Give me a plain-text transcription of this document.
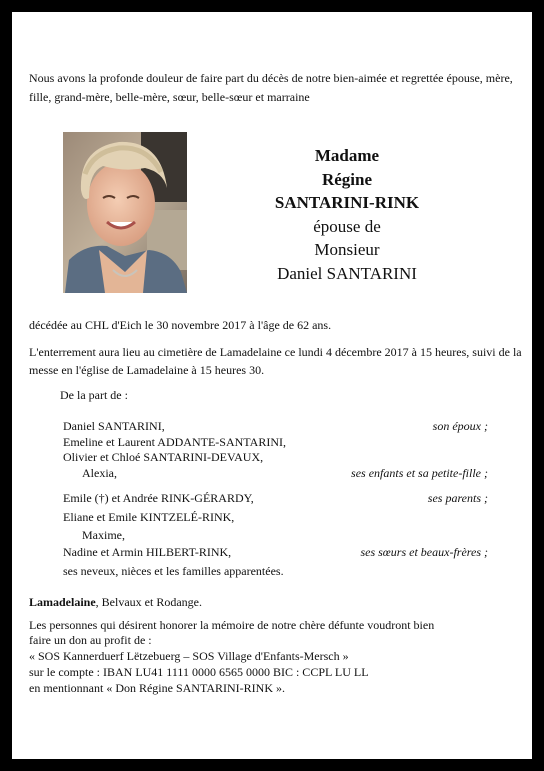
Nous avons la profonde douleur de faire part du décès de notre bien-aimée et regrettée épouse, mère, fille, grand-mère, belle-mère, sœur, belle-sœur et marraine
Madame
Régine
SANTARINI-RINK
épouse de
Monsieur
Daniel SANTARINI
décédée au CHL d'Eich le 30 novembre 2017 à l'âge de 62 ans.
L'enterrement aura lieu au cimetière de Lamadelaine ce lundi 4 décembre 2017 à 15 heures, suivi de la messe en l'église de Lamadelaine à 15 heures 30.
De la part de :
Daniel SANTARINI,	son époux ;
Emeline et Laurent ADDANTE-SANTARINI,
Olivier et Chloé SANTARINI-DEVAUX,
Alexia,	ses enfants et sa petite-fille ;
Emile (†) et Andrée RINK-GÉRARDY,	ses parents ;
Eliane et Emile KINTZELÉ-RINK,
Maxime,
Nadine et Armin HILBERT-RINK,	ses sœurs et beaux-frères ;
ses neveux, nièces et les familles apparentées.
Lamadelaine, Belvaux et Rodange.
Les personnes qui désirent honorer la mémoire de notre chère défunte voudront bien
faire un don au profit de :
« SOS Kannerduerf Lëtzebuerg – SOS Village d'Enfants-Mersch »
sur le compte : IBAN LU41 1111 0000 6565 0000 BIC : CCPL LU LL
en mentionnant « Don Régine SANTARINI-RINK ».
